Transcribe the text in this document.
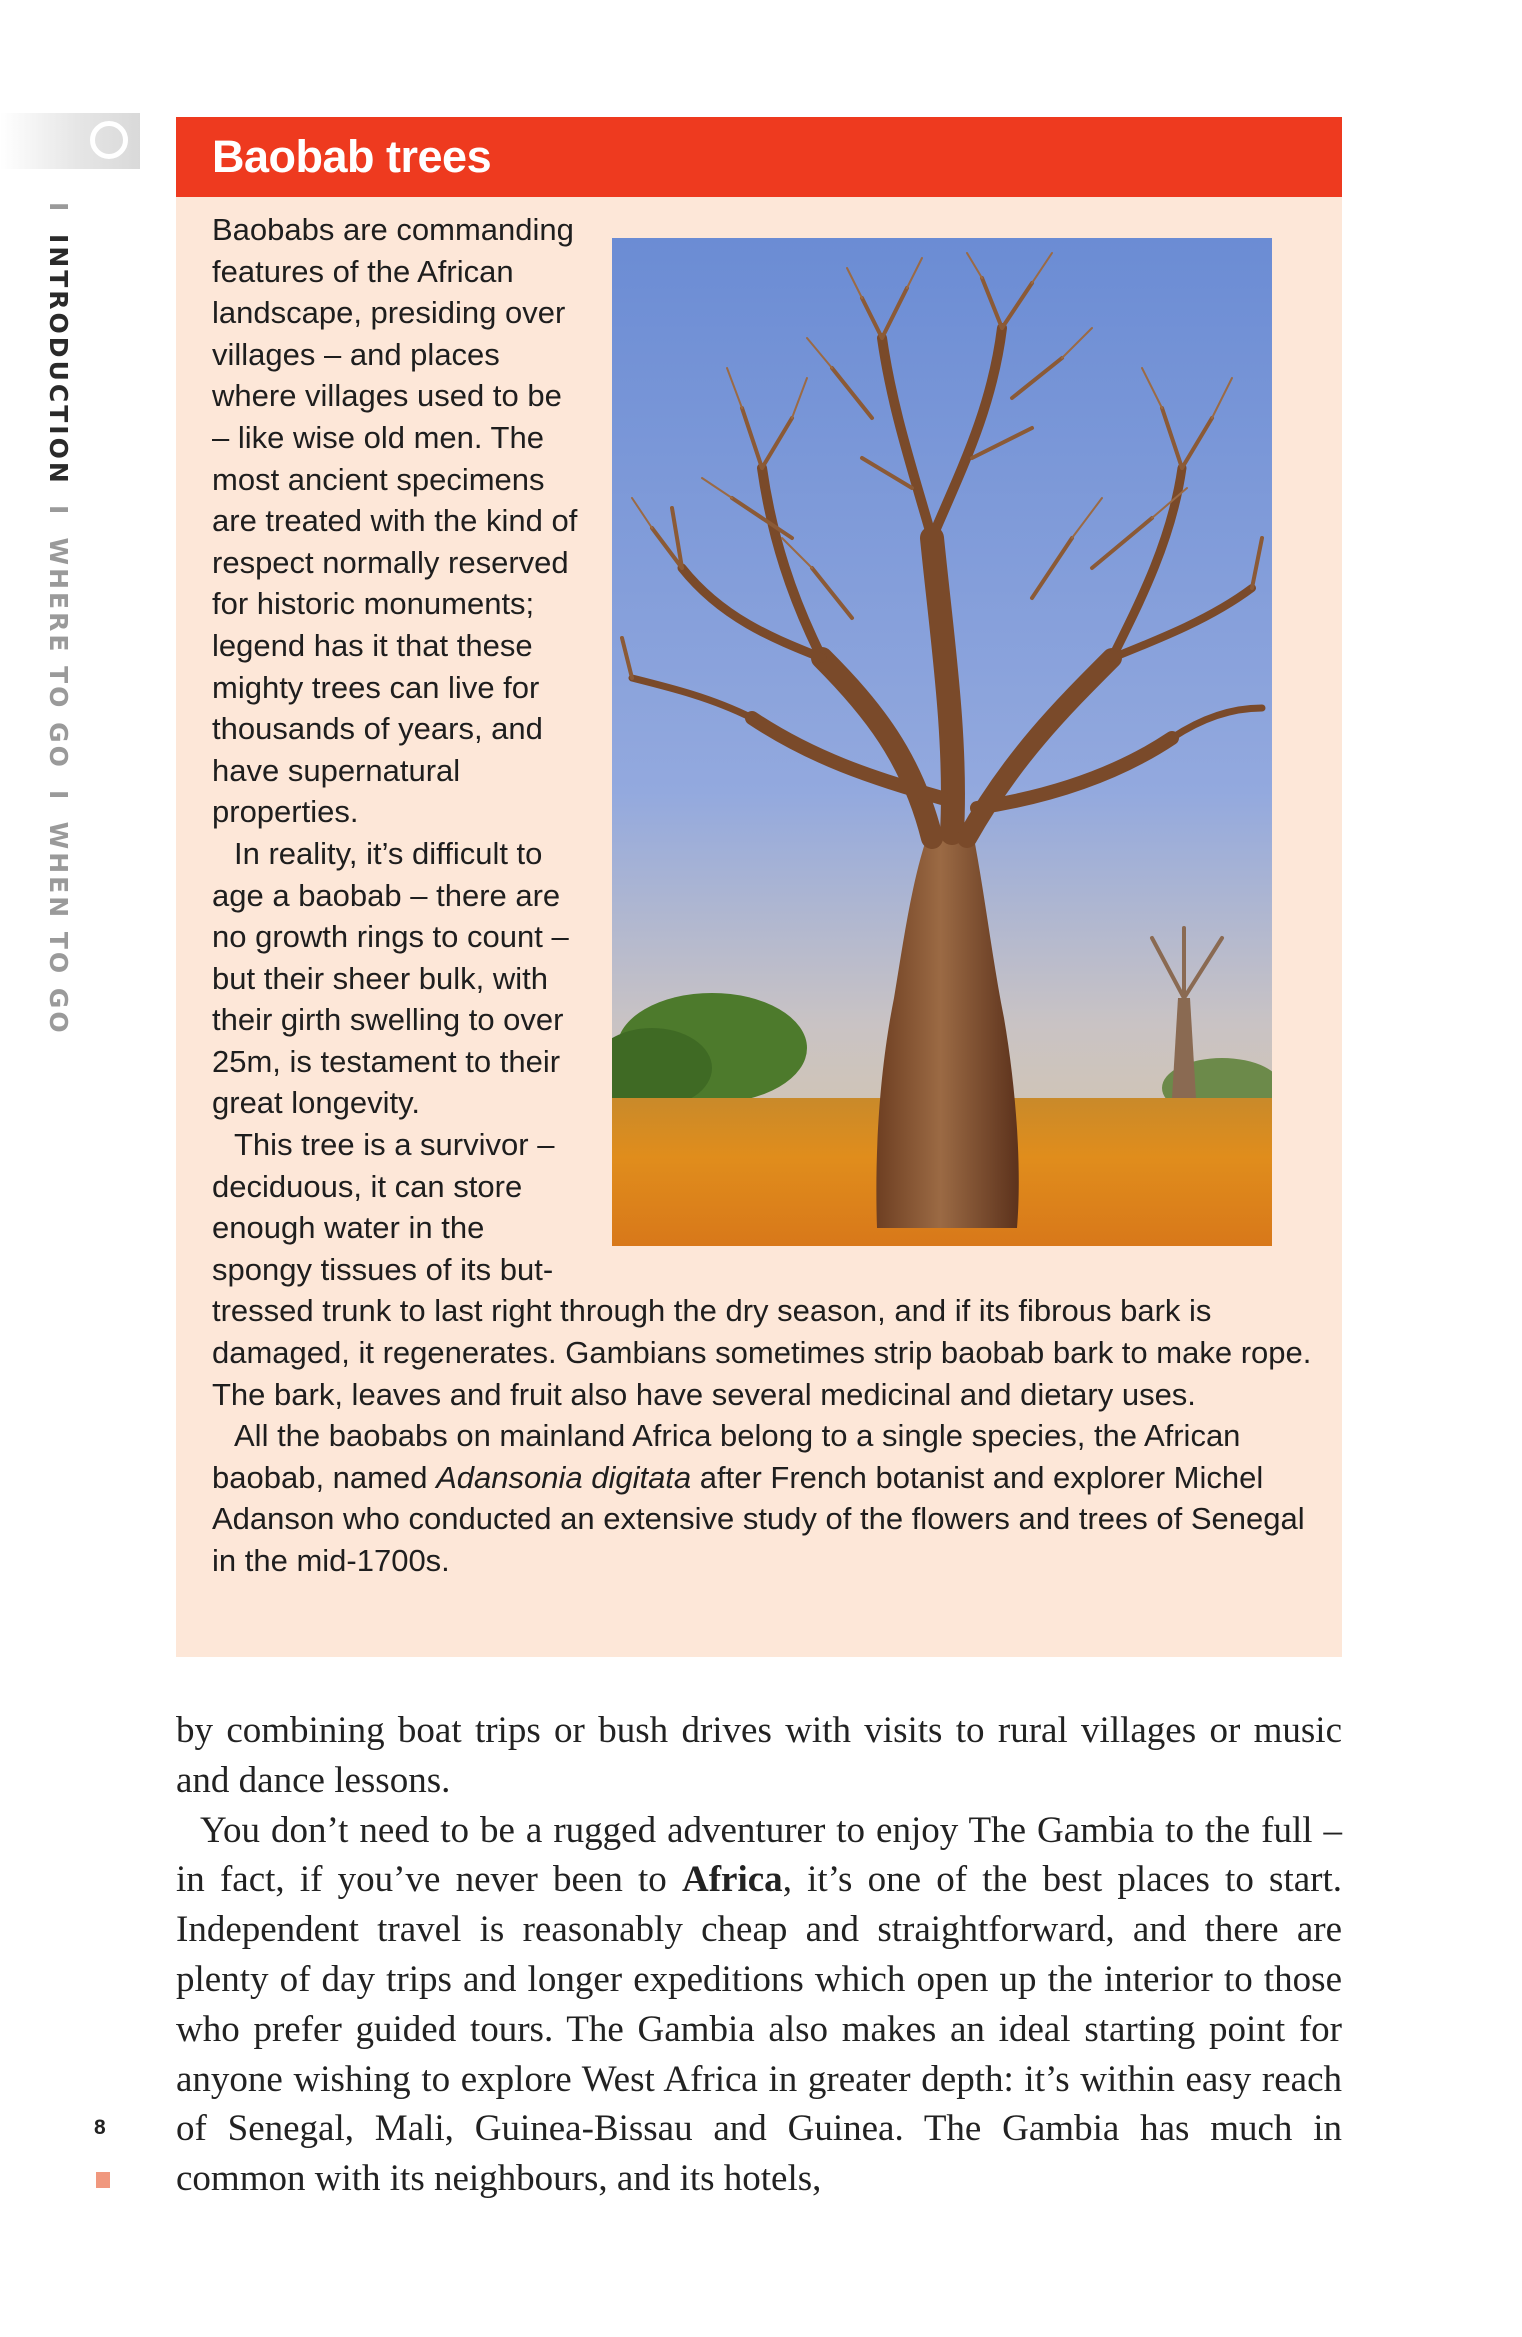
I INTRODUCTION I WHERE TO GO I WHEN TO GO
Baobab trees

Baobabs are commanding features of the African landscape, presiding over villages – and places where villages used to be – like wise old men. The most ancient specimens are treated with the kind of respect normally reserved for historic monuments; legend has it that these mighty trees can live for thousands of years, and have supernatural properties.

In reality, it’s difficult to age a baobab – there are no growth rings to count – but their sheer bulk, with their girth swelling to over 25m, is testament to their great longevity.

This tree is a survivor – deciduous, it can store enough water in the spongy tissues of its buttressed trunk to last right through the dry season, and if its fibrous bark is damaged, it regenerates. Gambians sometimes strip baobab bark to make rope. The bark, leaves and fruit also have several medicinal and dietary uses.

All the baobabs on mainland Africa belong to a single species, the African baobab, named Adansonia digitata after French botanist and explorer Michel Adanson who conducted an extensive study of the flowers and trees of Senegal in the mid-1700s.

by combining boat trips or bush drives with visits to rural villages or music and dance lessons.

You don’t need to be a rugged adventurer to enjoy The Gambia to the full – in fact, if you’ve never been to Africa, it’s one of the best places to start. Independent travel is reasonably cheap and straightforward, and there are plenty of day trips and longer expeditions which open up the interior to those who prefer guided tours. The Gambia also makes an ideal starting point for anyone wishing to explore West Africa in greater depth: it’s within easy reach of Senegal, Mali, Guinea-Bissau and Guinea. The Gambia has much in common with its neighbours, and its hotels,

8
